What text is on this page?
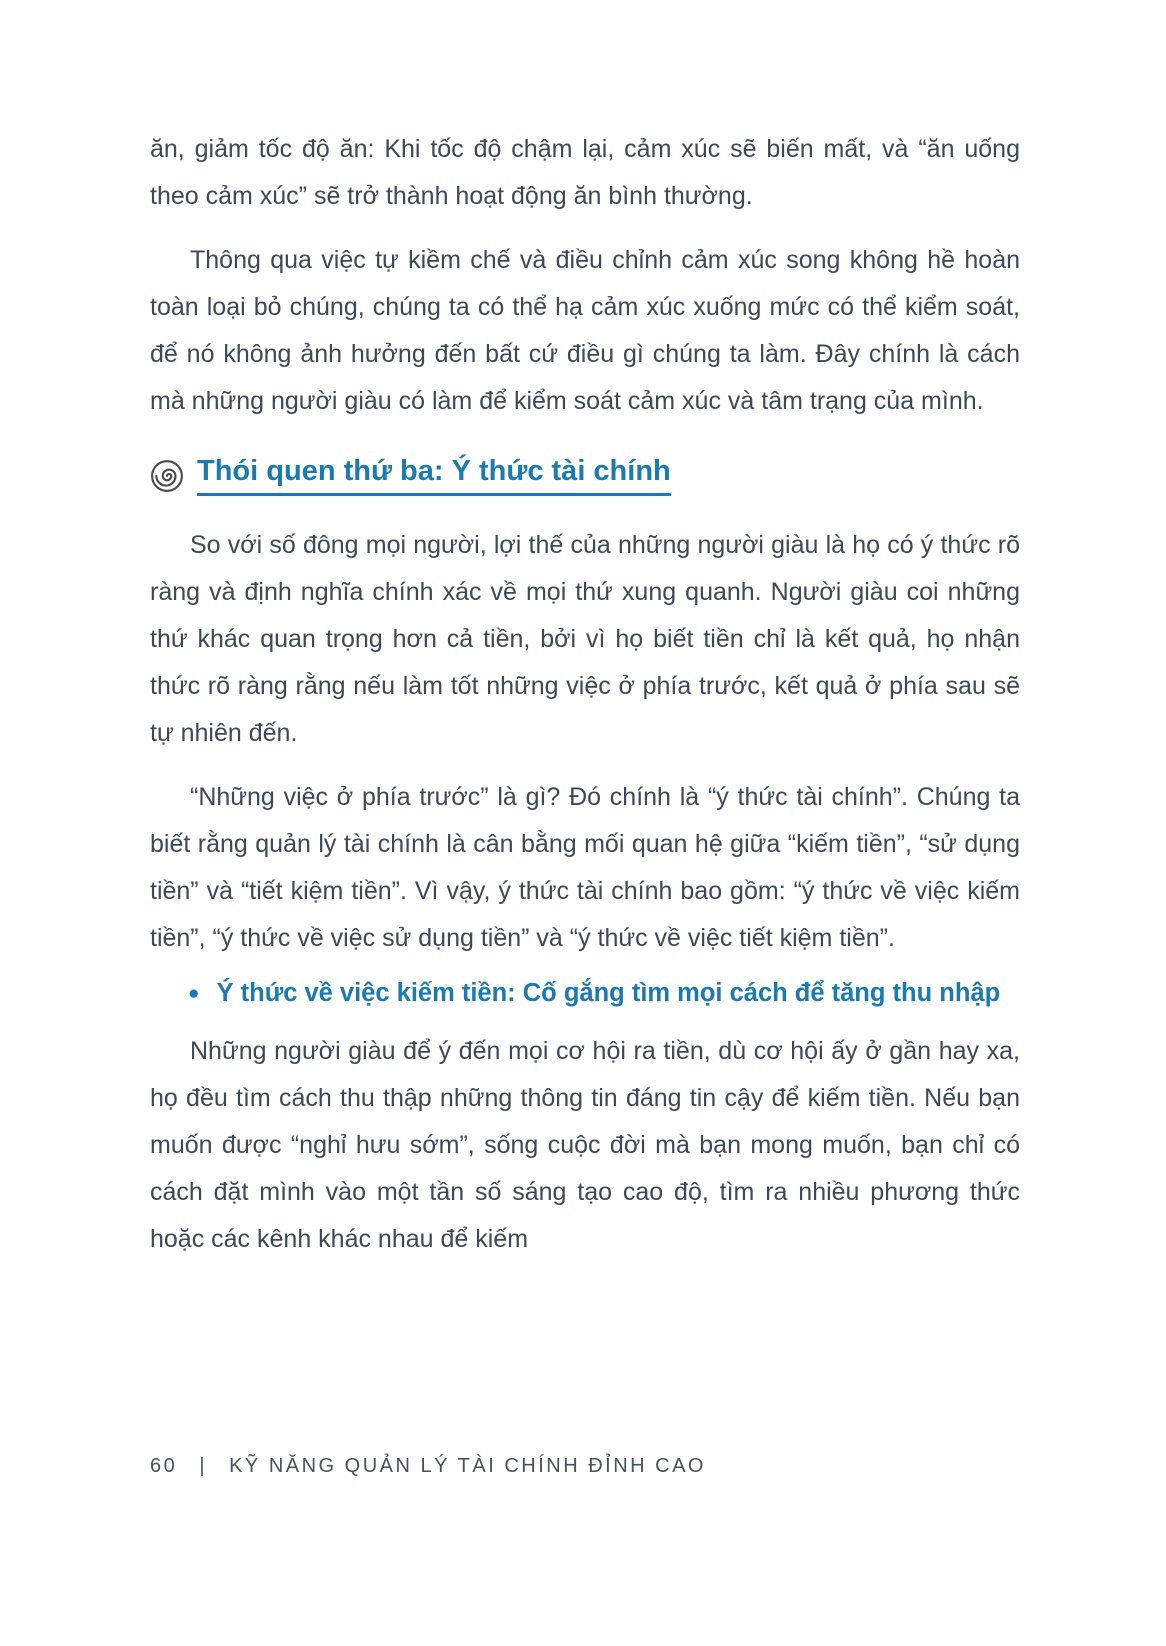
ăn, giảm tốc độ ăn: Khi tốc độ chậm lại, cảm xúc sẽ biến mất, và “ăn uống theo cảm xúc” sẽ trở thành hoạt động ăn bình thường.

Thông qua việc tự kiềm chế và điều chỉnh cảm xúc song không hề hoàn toàn loại bỏ chúng, chúng ta có thể hạ cảm xúc xuống mức có thể kiểm soát, để nó không ảnh hưởng đến bất cứ điều gì chúng ta làm. Đây chính là cách mà những người giàu có làm để kiểm soát cảm xúc và tâm trạng của mình.

Thói quen thứ ba: Ý thức tài chính

So với số đông mọi người, lợi thế của những người giàu là họ có ý thức rõ ràng và định nghĩa chính xác về mọi thứ xung quanh. Người giàu coi những thứ khác quan trọng hơn cả tiền, bởi vì họ biết tiền chỉ là kết quả, họ nhận thức rõ ràng rằng nếu làm tốt những việc ở phía trước, kết quả ở phía sau sẽ tự nhiên đến.

“Những việc ở phía trước” là gì? Đó chính là “ý thức tài chính”. Chúng ta biết rằng quản lý tài chính là cân bằng mối quan hệ giữa “kiếm tiền”, “sử dụng tiền” và “tiết kiệm tiền”. Vì vậy, ý thức tài chính bao gồm: “ý thức về việc kiếm tiền”, “ý thức về việc sử dụng tiền” và “ý thức về việc tiết kiệm tiền”.

● Ý thức về việc kiếm tiền: Cố gắng tìm mọi cách để tăng thu nhập

Những người giàu để ý đến mọi cơ hội ra tiền, dù cơ hội ấy ở gần hay xa, họ đều tìm cách thu thập những thông tin đáng tin cậy để kiếm tiền. Nếu bạn muốn được “nghỉ hưu sớm”, sống cuộc đời mà bạn mong muốn, bạn chỉ có cách đặt mình vào một tần số sáng tạo cao độ, tìm ra nhiều phương thức hoặc các kênh khác nhau để kiếm

60 | KỸ NĂNG QUẢN LÝ TÀI CHÍNH ĐỈNH CAO
